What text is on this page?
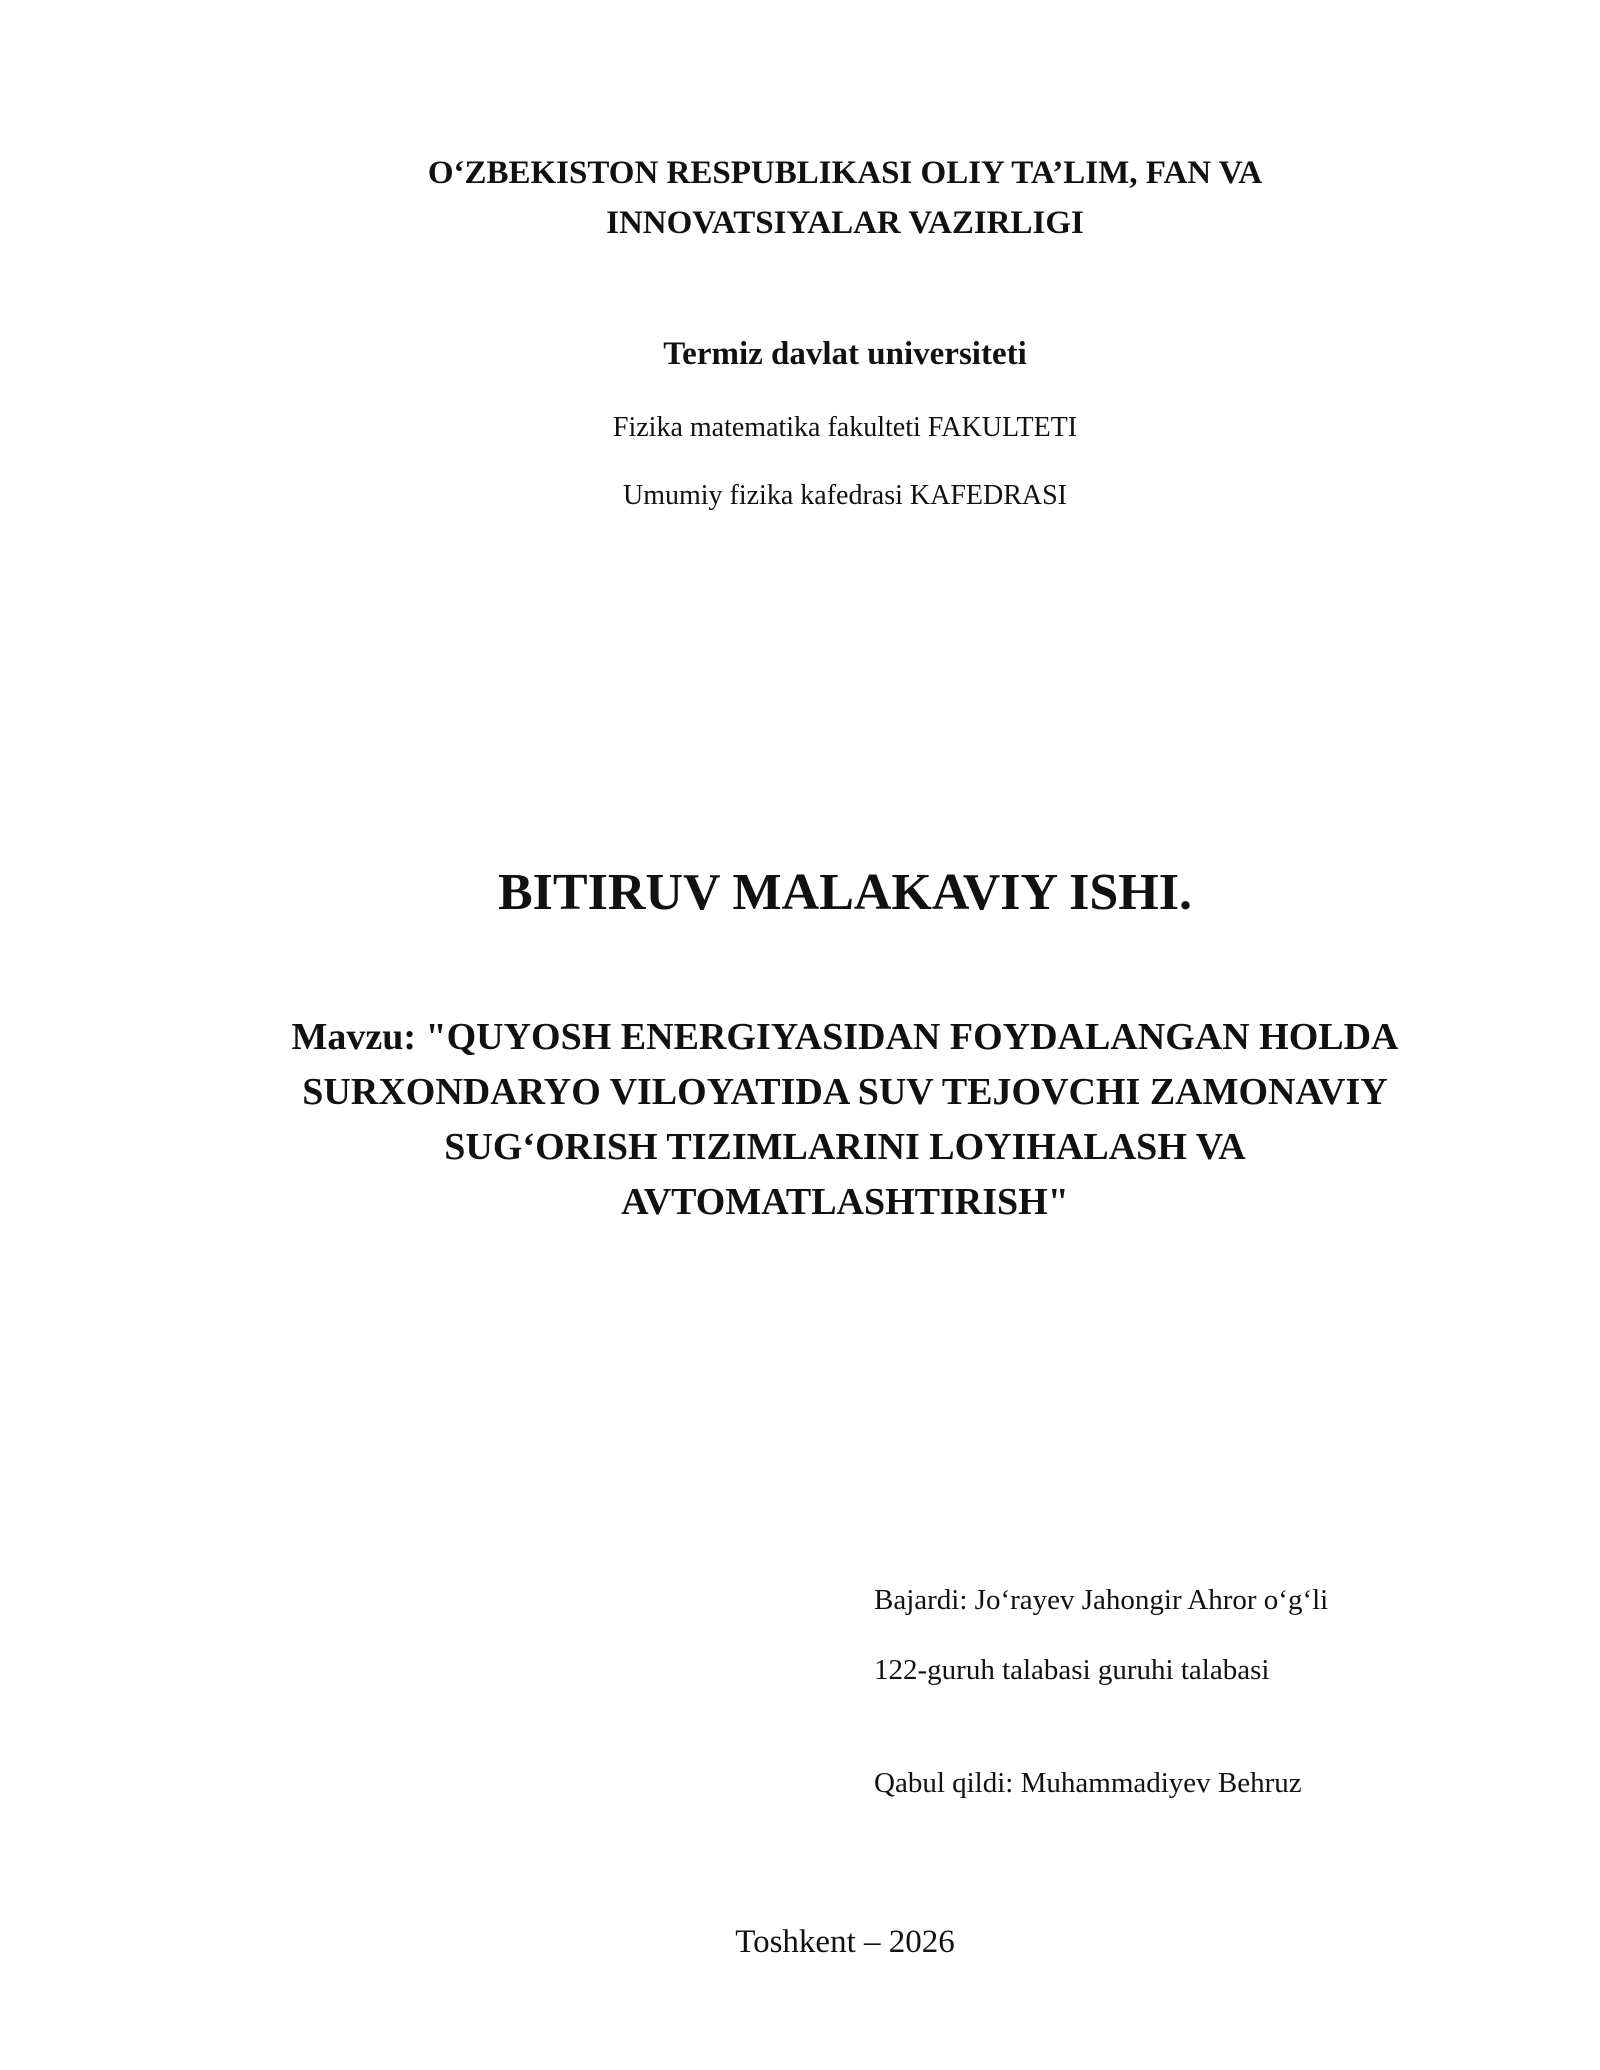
O‘ZBEKISTON RESPUBLIKASI OLIY TA’LIM, FAN VA
INNOVATSIYALAR VAZIRLIGI
Termiz davlat universiteti
Fizika matematika fakulteti FAKULTETI
Umumiy fizika kafedrasi KAFEDRASI
BITIRUV MALAKAVIY ISHI.
Mavzu: "QUYOSH ENERGIYASIDAN FOYDALANGAN HOLDA
SURXONDARYO VILOYATIDA SUV TEJOVCHI ZAMONAVIY
SUG‘ORISH TIZIMLARINI LOYIHALASH VA
AVTOMATLASHTIRISH"
Bajardi: Jo‘rayev Jahongir Ahror o‘g‘li
122-guruh talabasi guruhi talabasi
Qabul qildi: Muhammadiyev Behruz
Toshkent – 2026
